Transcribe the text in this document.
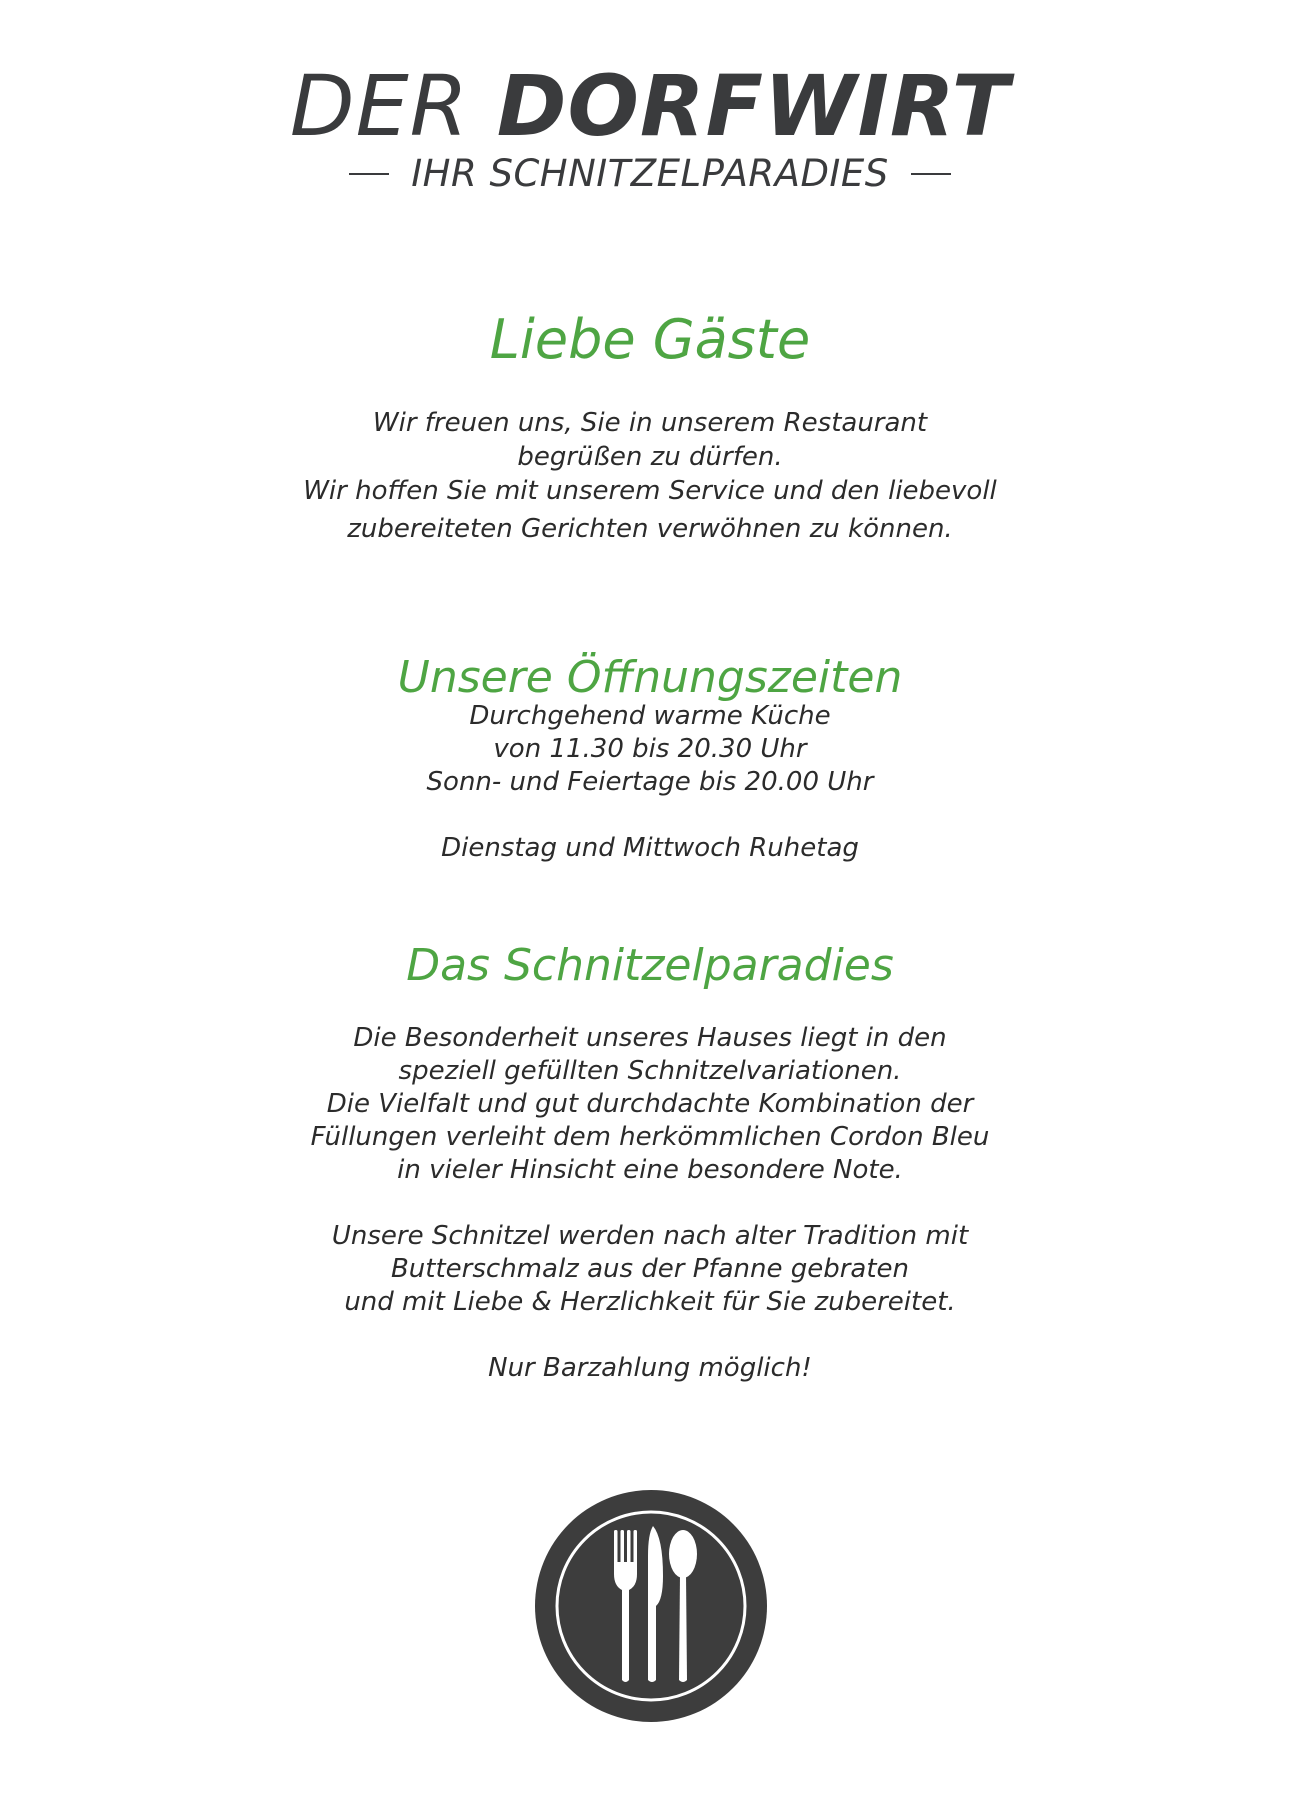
DER DORFWIRT
IHR SCHNITZELPARADIES
Liebe Gäste
Wir freuen uns, Sie in unserem Restaurant
begrüßen zu dürfen.
Wir hoffen Sie mit unserem Service und den liebevoll
zubereiteten Gerichten verwöhnen zu können.
Unsere Öffnungszeiten
Durchgehend warme Küche
von 11.30 bis 20.30 Uhr
Sonn- und Feiertage bis 20.00 Uhr
Dienstag und Mittwoch Ruhetag
Das Schnitzelparadies
Die Besonderheit unseres Hauses liegt in den
speziell gefüllten Schnitzelvariationen.
Die Vielfalt und gut durchdachte Kombination der
Füllungen verleiht dem herkömmlichen Cordon Bleu
in vieler Hinsicht eine besondere Note.
Unsere Schnitzel werden nach alter Tradition mit
Butterschmalz aus der Pfanne gebraten
und mit Liebe & Herzlichkeit für Sie zubereitet.
Nur Barzahlung möglich!
